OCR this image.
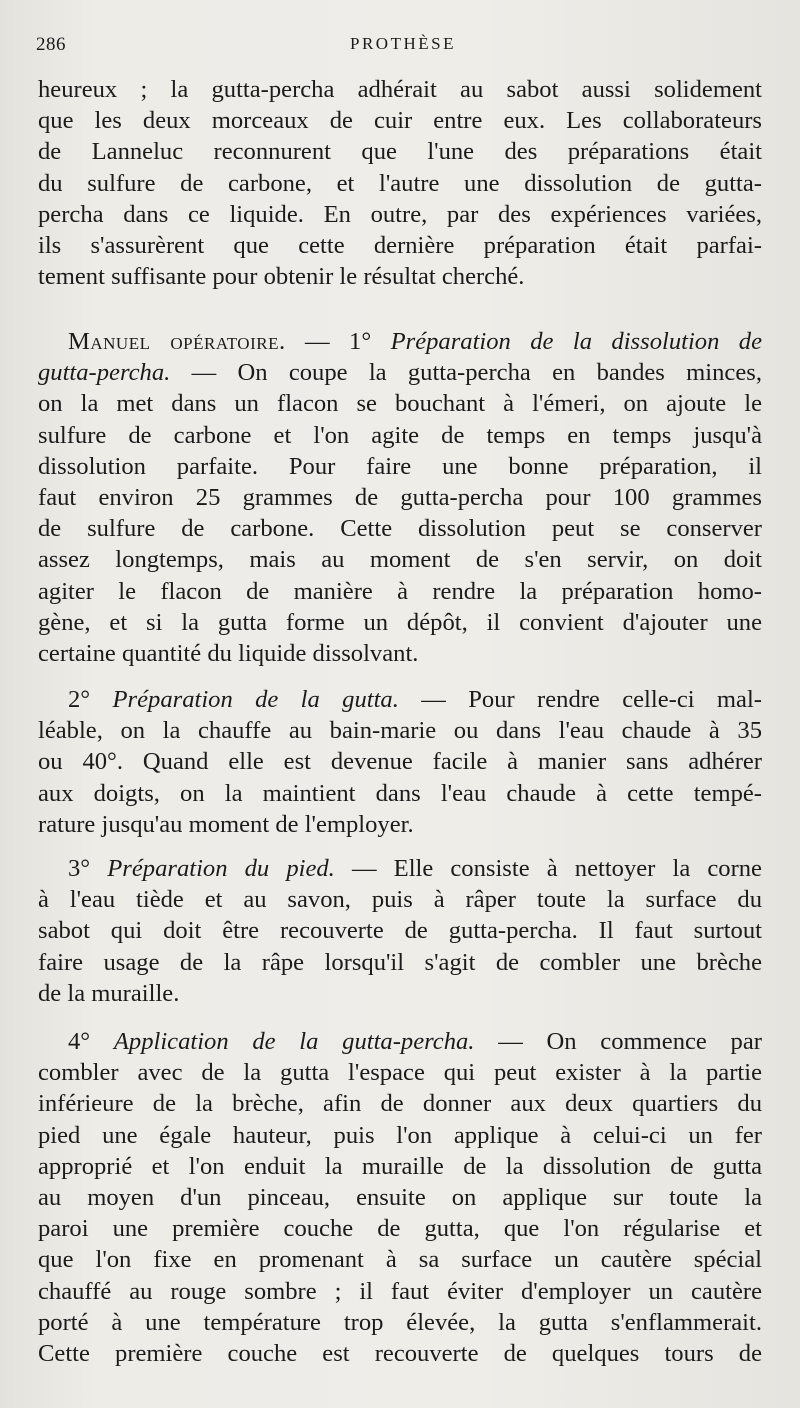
286	PROTHÈSE
heureux ; la gutta-percha adhérait au sabot aussi solidement
que les deux morceaux de cuir entre eux. Les collaborateurs
de Lanneluc reconnurent que l'une des préparations était
du sulfure de carbone, et l'autre une dissolution de gutta-
percha dans ce liquide. En outre, par des expériences variées,
ils s'assurèrent que cette dernière préparation était parfai-
tement suffisante pour obtenir le résultat cherché.
Manuel opératoire. — 1° Préparation de la dissolution de
gutta-percha. — On coupe la gutta-percha en bandes minces,
on la met dans un flacon se bouchant à l'émeri, on ajoute le
sulfure de carbone et l'on agite de temps en temps jusqu'à
dissolution parfaite. Pour faire une bonne préparation, il
faut environ 25 grammes de gutta-percha pour 100 grammes
de sulfure de carbone. Cette dissolution peut se conserver
assez longtemps, mais au moment de s'en servir, on doit
agiter le flacon de manière à rendre la préparation homo-
gène, et si la gutta forme un dépôt, il convient d'ajouter une
certaine quantité du liquide dissolvant.
2° Préparation de la gutta. — Pour rendre celle-ci mal-
léable, on la chauffe au bain-marie ou dans l'eau chaude à 35
ou 40°. Quand elle est devenue facile à manier sans adhérer
aux doigts, on la maintient dans l'eau chaude à cette tempé-
rature jusqu'au moment de l'employer.
3° Préparation du pied. — Elle consiste à nettoyer la corne
à l'eau tiède et au savon, puis à râper toute la surface du
sabot qui doit être recouverte de gutta-percha. Il faut surtout
faire usage de la râpe lorsqu'il s'agit de combler une brèche
de la muraille.
4° Application de la gutta-percha. — On commence par
combler avec de la gutta l'espace qui peut exister à la partie
inférieure de la brèche, afin de donner aux deux quartiers du
pied une égale hauteur, puis l'on applique à celui-ci un fer
approprié et l'on enduit la muraille de la dissolution de gutta
au moyen d'un pinceau, ensuite on applique sur toute la
paroi une première couche de gutta, que l'on régularise et
que l'on fixe en promenant à sa surface un cautère spécial
chauffé au rouge sombre ; il faut éviter d'employer un cautère
porté à une température trop élevée, la gutta s'enflammerait.
Cette première couche est recouverte de quelques tours de
